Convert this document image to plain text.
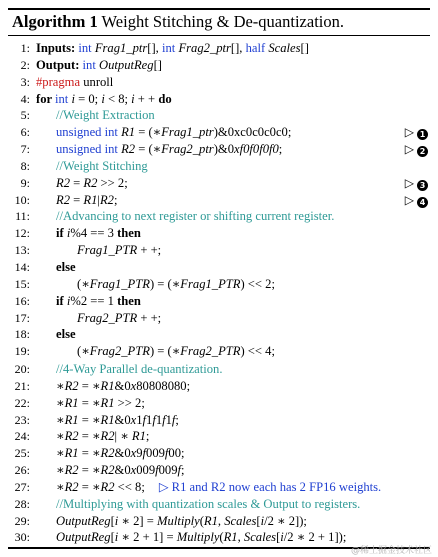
Algorithm 1 Weight Stitching & De-quantization.
1: Inputs: int Frag1_ptr[], int Frag2_ptr[], half Scales[]
2: Output: int OutputReg[]
3: #pragma unroll
4: for int i = 0; i < 8; i + + do
5:	//Weight Extraction
6:	unsigned int R1 = (∗Frag1_ptr)&0xc0c0c0c0;	▷ 1
7:	unsigned int R2 = (∗Frag2_ptr)&0xf0f0f0f0;	▷ 2
8:	//Weight Stitching
9:	R2 = R2 >> 2;	▷ 3
10:	R2 = R1|R2;	▷ 4
11:	//Advancing to next register or shifting current register.
12:	if i%4 == 3 then
13:	Frag1_PTR + +;
14:	else
15:	(∗Frag1_PTR) = (∗Frag1_PTR) << 2;
16:	if i%2 == 1 then
17:	Frag2_PTR + +;
18:	else
19:	(∗Frag2_PTR) = (∗Frag2_PTR) << 4;
20:	//4-Way Parallel de-quantization.
21:	∗R2 = ∗R1&0x80808080;
22:	∗R1 = ∗R1 >> 2;
23:	∗R1 = ∗R1&0x1f1f1f1f;
24:	∗R2 = ∗R2| ∗ R1;
25:	∗R1 = ∗R2&0x9f009f00;
26:	∗R2 = ∗R2&0x009f009f;
27:	∗R2 = ∗R2 << 8; ▷ R1 and R2 now each has 2 FP16 weights.
28:	//Multiplying with quantization scales & Output to registers.
29:	OutputReg[i ∗ 2] = Multiply(R1, Scales[i/2 ∗ 2]);
30:	OutputReg[i ∗ 2 + 1] = Multiply(R1, Scales[i/2 ∗ 2 + 1]);
@稀土掘金技术社区
